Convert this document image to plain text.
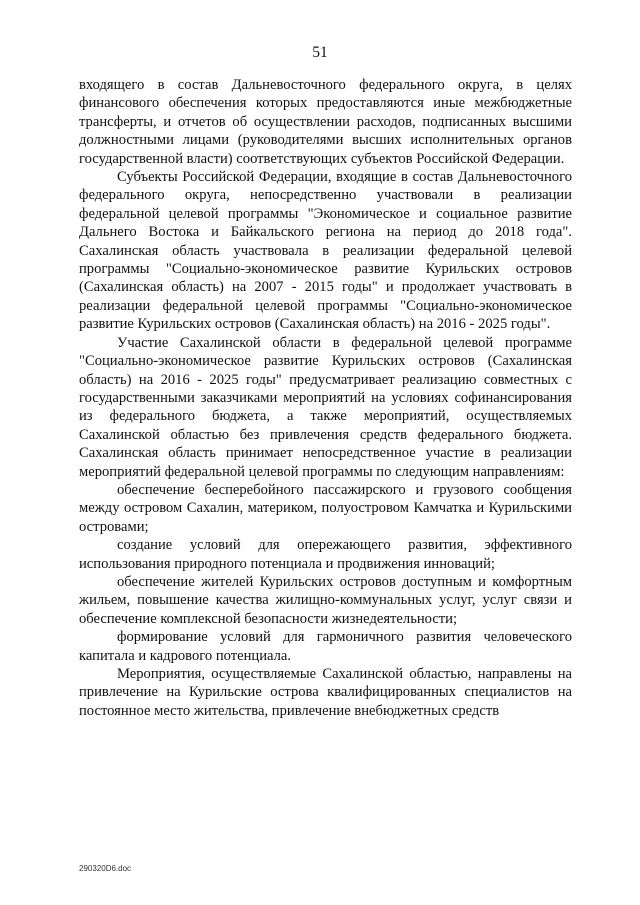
51

входящего в состав Дальневосточного федерального округа, в целях финансового обеспечения которых предоставляются иные межбюджетные трансферты, и отчетов об осуществлении расходов, подписанных высшими должностными лицами (руководителями высших исполнительных органов государственной власти) соответствующих субъектов Российской Федерации.

Субъекты Российской Федерации, входящие в состав Дальневосточного федерального округа, непосредственно участвовали в реализации федеральной целевой программы "Экономическое и социальное развитие Дальнего Востока и Байкальского региона на период до 2018 года". Сахалинская область участвовала в реализации федеральной целевой программы "Социально-экономическое развитие Курильских островов (Сахалинская область) на 2007 - 2015 годы" и продолжает участвовать в реализации федеральной целевой программы "Социально-экономическое развитие Курильских островов (Сахалинская область) на 2016 - 2025 годы".

Участие Сахалинской области в федеральной целевой программе "Социально-экономическое развитие Курильских островов (Сахалинская область) на 2016 - 2025 годы" предусматривает реализацию совместных с государственными заказчиками мероприятий на условиях софинансирования из федерального бюджета, а также мероприятий, осуществляемых Сахалинской областью без привлечения средств федерального бюджета. Сахалинская область принимает непосредственное участие в реализации мероприятий федеральной целевой программы по следующим направлениям:

обеспечение бесперебойного пассажирского и грузового сообщения между островом Сахалин, материком, полуостровом Камчатка и Курильскими островами;

создание условий для опережающего развития, эффективного использования природного потенциала и продвижения инноваций;

обеспечение жителей Курильских островов доступным и комфортным жильем, повышение качества жилищно-коммунальных услуг, услуг связи и обеспечение комплексной безопасности жизнедеятельности;

формирование условий для гармоничного развития человеческого капитала и кадрового потенциала.

Мероприятия, осуществляемые Сахалинской областью, направлены на привлечение на Курильские острова квалифицированных специалистов на постоянное место жительства, привлечение внебюджетных средств

290320D6.doc
